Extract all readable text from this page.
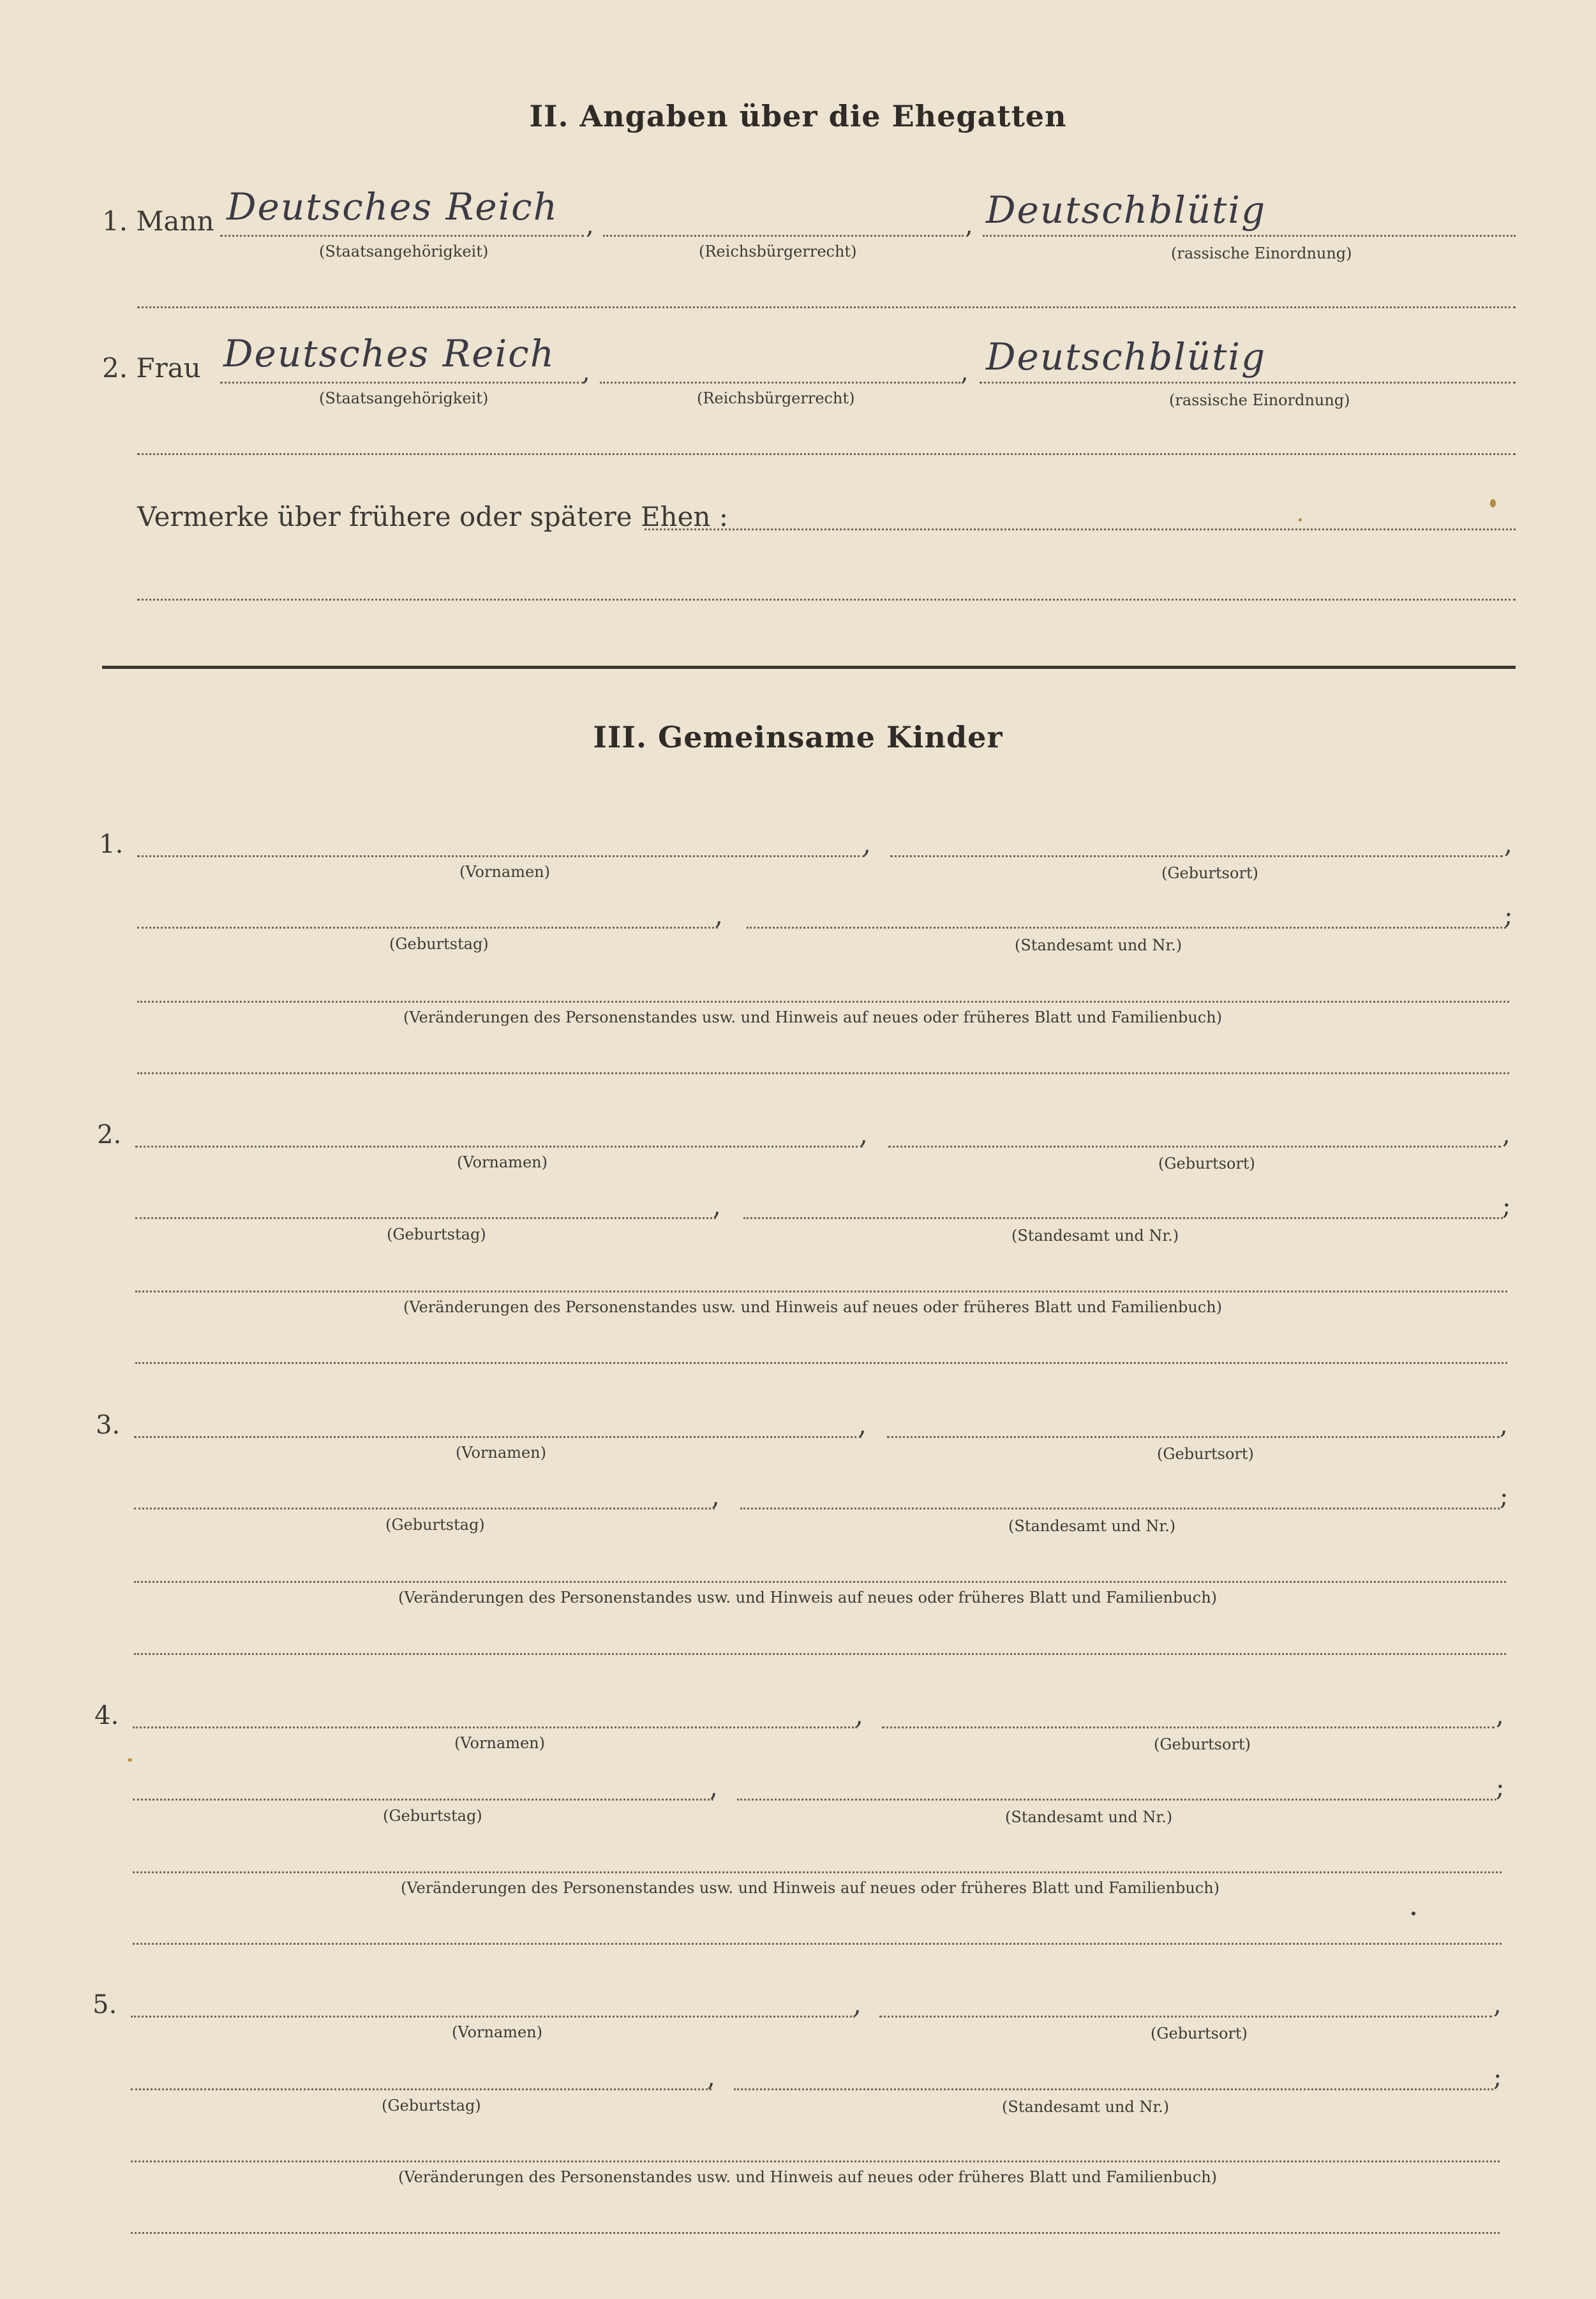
II. Angaben über die Ehegatten
1. Mann Deutsches Reich ,	, Deutschblütig
(Staatsangehörigkeit)	(Reichsbürgerrecht)	(rassische Einordnung)
2. Frau Deutsches Reich ,	, Deutschblütig
(Staatsangehörigkeit)	(Reichsbürgerrecht)	(rassische Einordnung)
Vermerke über frühere oder spätere Ehen :
III. Gemeinsame Kinder
1.	,	,
(Vornamen)	(Geburtsort)
,	;
(Geburtstag)	(Standesamt und Nr.)
(Veränderungen des Personenstandes usw. und Hinweis auf neues oder früheres Blatt und Familienbuch)
2.	,	,
(Vornamen)	(Geburtsort)
,	;
(Geburtstag)	(Standesamt und Nr.)
(Veränderungen des Personenstandes usw. und Hinweis auf neues oder früheres Blatt und Familienbuch)
3.	,	,
(Vornamen)	(Geburtsort)
,	;
(Geburtstag)	(Standesamt und Nr.)
(Veränderungen des Personenstandes usw. und Hinweis auf neues oder früheres Blatt und Familienbuch)
4.	,	,
(Vornamen)	(Geburtsort)
,	;
(Geburtstag)	(Standesamt und Nr.)
(Veränderungen des Personenstandes usw. und Hinweis auf neues oder früheres Blatt und Familienbuch)
5.	,	,
(Vornamen)	(Geburtsort)
,	;
(Geburtstag)	(Standesamt und Nr.)
(Veränderungen des Personenstandes usw. und Hinweis auf neues oder früheres Blatt und Familienbuch)
